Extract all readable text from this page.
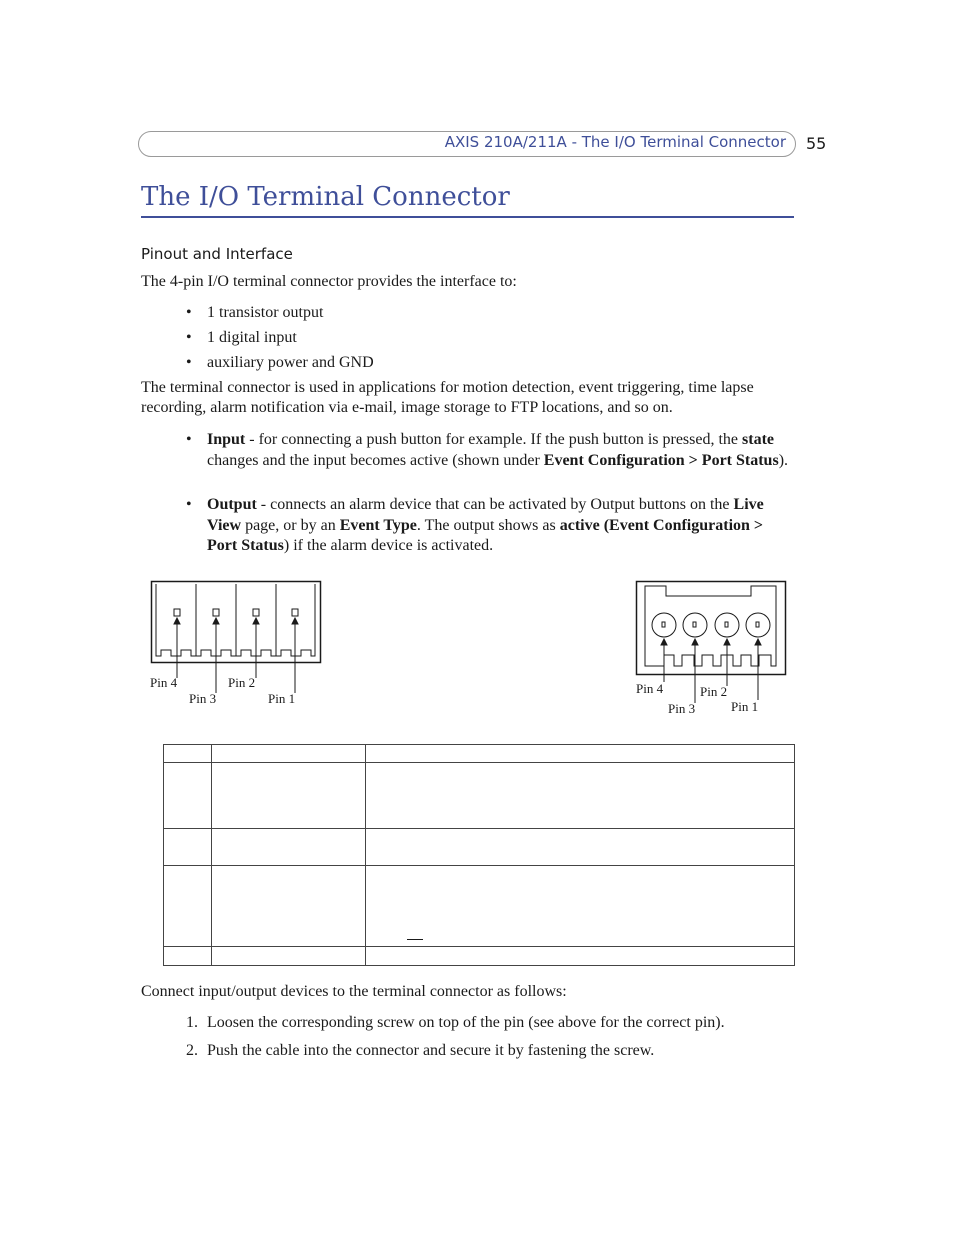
AXIS 210A/211A - The I/O Terminal Connector 55
The I/O Terminal Connector
Pinout and Interface
The 4-pin I/O terminal connector provides the interface to:
• 1 transistor output
• 1 digital input
• auxiliary power and GND
The terminal connector is used in applications for motion detection, event triggering, time lapse recording, alarm notification via e-mail, image storage to FTP locations, and so on.
• Input - for connecting a push button for example. If the push button is pressed, the state changes and the input becomes active (shown under Event Configuration > Port Status).
• Output - connects an alarm device that can be activated by Output buttons on the Live View page, or by an Event Type. The output shows as active (Event Configuration > Port Status) if the alarm device is activated.
Pin 4
Pin 3
Pin 2
Pin 1
Pin 4
Pin 3
Pin 2
Pin 1

Connect input/output devices to the terminal connector as follows:
1. Loosen the corresponding screw on top of the pin (see above for the correct pin).
2. Push the cable into the connector and secure it by fastening the screw.
